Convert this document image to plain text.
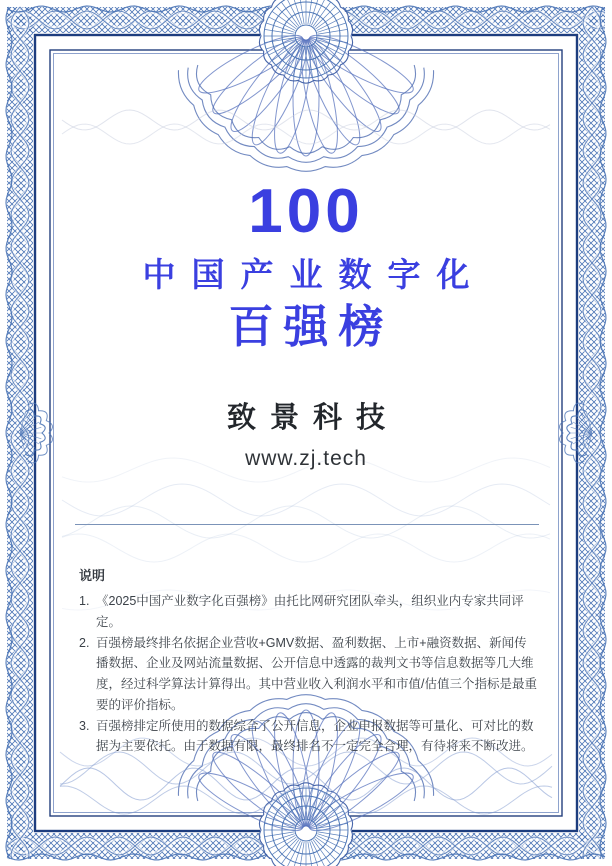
100
中国产业数字化
百强榜
致景科技
www.zj.tech
说明
1. 《2025中国产业数字化百强榜》由托比网研究团队牵头，组织业内专家共同评定。
2. 百强榜最终排名依据企业营收+GMV数据、盈利数据、上市+融资数据、新闻传播数据、企业及网站流量数据、公开信息中透露的裁判文书等信息数据等几大维度，经过科学算法计算得出。其中营业收入利润水平和市值/估值三个指标是最重要的评价指标。
3. 百强榜排定所使用的数据综合了公开信息，企业申报数据等可量化、可对比的数据为主要依托。由于数据有限，最终排名不一定完全合理，有待将来不断改进。
